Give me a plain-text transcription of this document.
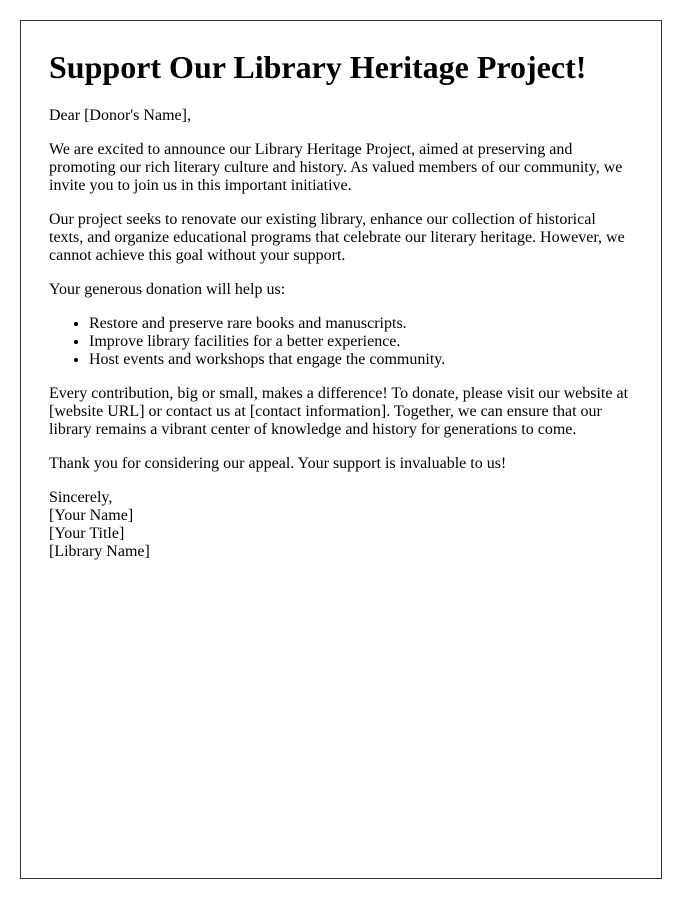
Support Our Library Heritage Project!

Dear [Donor's Name],

We are excited to announce our Library Heritage Project, aimed at preserving and promoting our rich literary culture and history. As valued members of our community, we invite you to join us in this important initiative.

Our project seeks to renovate our existing library, enhance our collection of historical texts, and organize educational programs that celebrate our literary heritage. However, we cannot achieve this goal without your support.

Your generous donation will help us:

• Restore and preserve rare books and manuscripts.
• Improve library facilities for a better experience.
• Host events and workshops that engage the community.

Every contribution, big or small, makes a difference! To donate, please visit our website at [website URL] or contact us at [contact information]. Together, we can ensure that our library remains a vibrant center of knowledge and history for generations to come.

Thank you for considering our appeal. Your support is invaluable to us!

Sincerely,
[Your Name]
[Your Title]
[Library Name]
